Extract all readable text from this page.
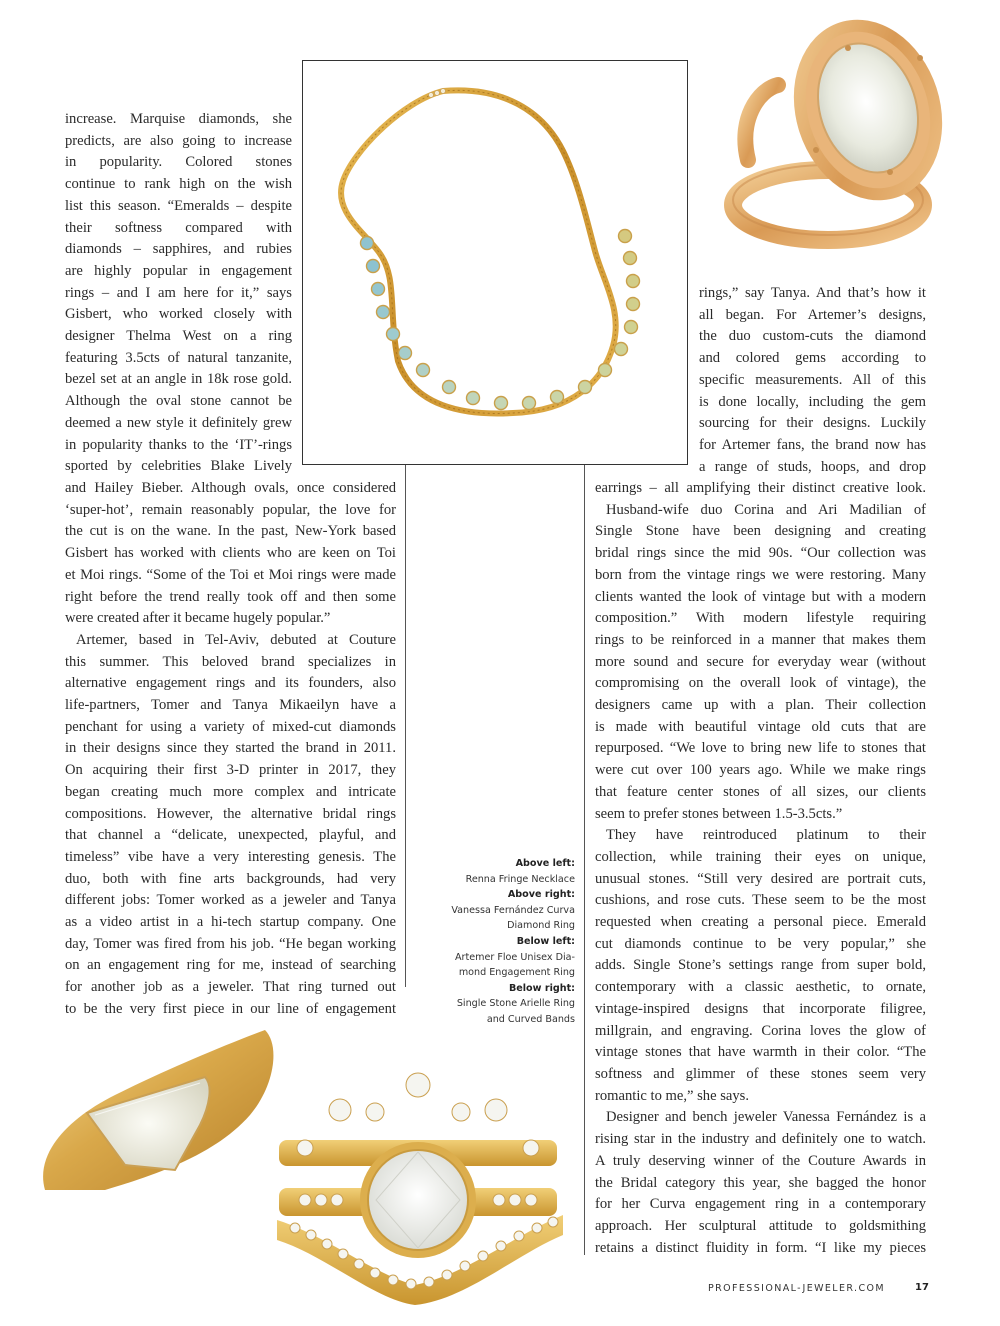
increase. Marquise diamonds, she
predicts, are also going to increase
in popularity. Colored stones
continue to rank high on the wish
list this season. “Emeralds – despite
their softness compared with
diamonds – sapphires, and rubies
are highly popular in engagement
rings – and I am here for it,” says
Gisbert, who worked closely with
designer Thelma West on a ring
featuring 3.5cts of natural tanzanite,
bezel set at an angle in 18k rose gold.
Although the oval stone cannot be
deemed a new style it definitely grew
in popularity thanks to the ‘IT’-rings
sported by celebrities Blake Lively
and Hailey Bieber. Although ovals, once considered
‘super-hot’, remain reasonably popular, the love for
the cut is on the wane. In the past, New-York based
Gisbert has worked with clients who are keen on Toi
et Moi rings. “Some of the Toi et Moi rings were made
right before the trend really took off and then some
were created after it became hugely popular.”
Artemer, based in Tel-Aviv, debuted at Couture
this summer. This beloved brand specializes in
alternative engagement rings and its founders, also
life-partners, Tomer and Tanya Mikaeilyn have a
penchant for using a variety of mixed-cut diamonds
in their designs since they started the brand in 2011.
On acquiring their first 3-D printer in 2017, they
began creating much more complex and intricate
compositions. However, the alternative bridal rings
that channel a “delicate, unexpected, playful, and
timeless” vibe have a very interesting genesis. The
duo, both with fine arts backgrounds, had very
different jobs: Tomer worked as a jeweler and Tanya
as a video artist in a hi-tech startup company. One
day, Tomer was fired from his job. “He began working
on an engagement ring for me, instead of searching
for another job as a jeweler. That ring turned out
to be the very first piece in our line of engagement
rings,” say Tanya. And that’s how it
all began. For Artemer’s designs,
the duo custom-cuts the diamond
and colored gems according to
specific measurements. All of this
is done locally, including the gem
sourcing for their designs. Luckily
for Artemer fans, the brand now has
a range of studs, hoops, and drop
earrings – all amplifying their distinct creative look.
Husband-wife duo Corina and Ari Madilian of
Single Stone have been designing and creating
bridal rings since the mid 90s. “Our collection was
born from the vintage rings we were restoring. Many
clients wanted the look of vintage but with a modern
composition.” With modern lifestyle requiring
rings to be reinforced in a manner that makes them
more sound and secure for everyday wear (without
compromising on the overall look of vintage), the
designers came up with a plan. Their collection
is made with beautiful vintage old cuts that are
repurposed. “We love to bring new life to stones that
were cut over 100 years ago. While we make rings
that feature center stones of all sizes, our clients
seem to prefer stones between 1.5-3.5cts.”
They have reintroduced platinum to their
collection, while training their eyes on unique,
unusual stones. “Still very desired are portrait cuts,
cushions, and rose cuts. These seem to be the most
requested when creating a personal piece. Emerald
cut diamonds continue to be very popular,” she
adds. Single Stone’s settings range from super bold,
contemporary with a classic aesthetic, to ornate,
vintage-inspired designs that incorporate filigree,
millgrain, and engraving. Corina loves the glow of
vintage stones that have warmth in their color. “The
softness and glimmer of these stones seem very
romantic to me,” she says.
Designer and bench jeweler Vanessa Fernández is a
rising star in the industry and definitely one to watch.
A truly deserving winner of the Couture Awards in
the Bridal category this year, she bagged the honor
for her Curva engagement ring in a contemporary
approach. Her sculptural attitude to goldsmithing
retains a distinct fluidity in form. “I like my pieces
Above left:
Renna Fringe Necklace
Above right:
Vanessa Fernández Curva
Diamond Ring
Below left:
Artemer Floe Unisex Dia-
mond Engagement Ring
Below right:
Single Stone Arielle Ring
and Curved Bands
PROFESSIONAL-JEWELER.COM	17
